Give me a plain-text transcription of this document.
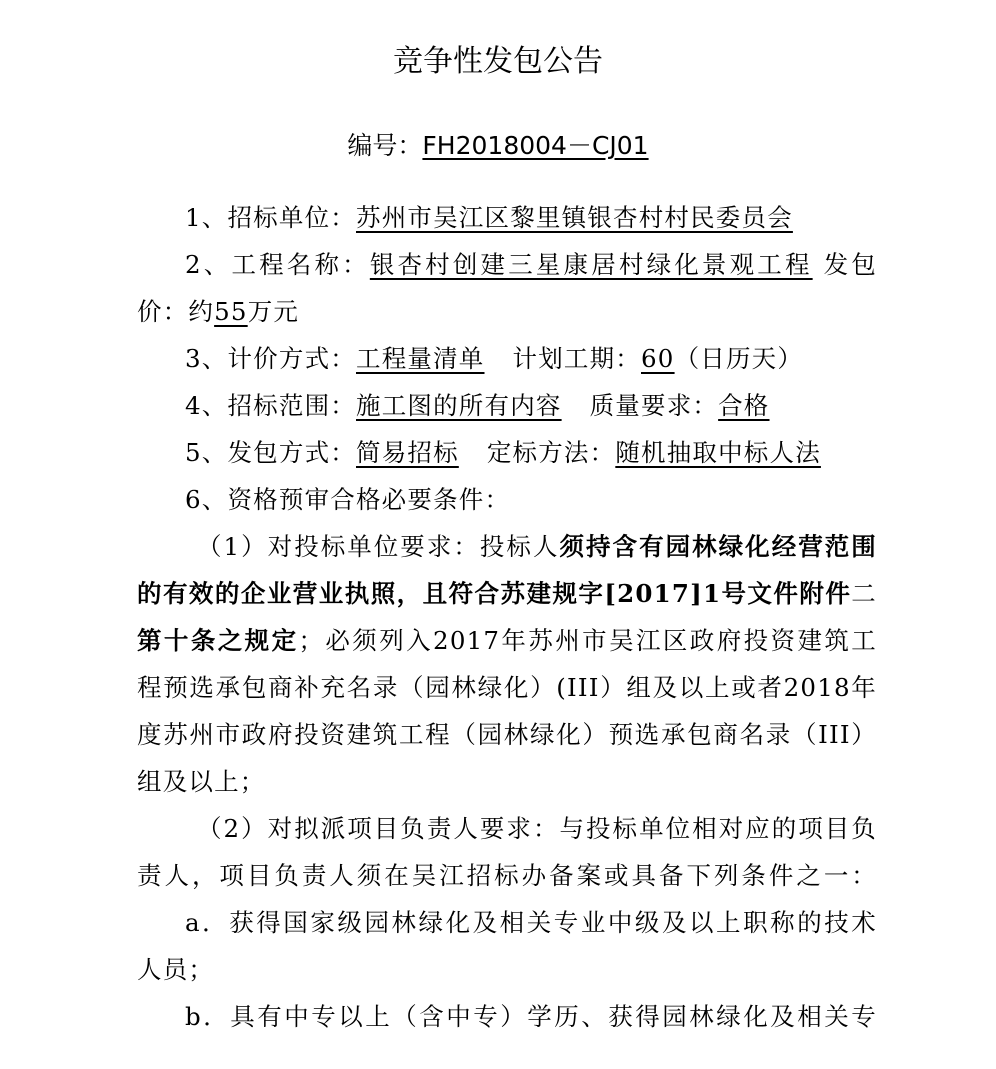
竞争性发包公告
编号：FH2018004－CJ01
1、招标单位：苏州市吴江区黎里镇银杏村村民委员会
2、工程名称：银杏村创建三星康居村绿化景观工程 发包
价：约55万元
3、计价方式：工程量清单 计划工期：60（日历天）
4、招标范围：施工图的所有内容 质量要求：合格
5、发包方式：简易招标 定标方法：随机抽取中标人法
6、资格预审合格必要条件：
（1）对投标单位要求：投标人须持含有园林绿化经营范围
的有效的企业营业执照，且符合苏建规字[2017]1号文件附件二
第十条之规定；必须列入2017年苏州市吴江区政府投资建筑工
程预选承包商补充名录（园林绿化）(III）组及以上或者2018年
度苏州市政府投资建筑工程（园林绿化）预选承包商名录（III）
组及以上；
（2）对拟派项目负责人要求：与投标单位相对应的项目负
责人，项目负责人须在吴江招标办备案或具备下列条件之一：
a．获得国家级园林绿化及相关专业中级及以上职称的技术
人员；
b．具有中专以上（含中专）学历、获得园林绿化及相关专
